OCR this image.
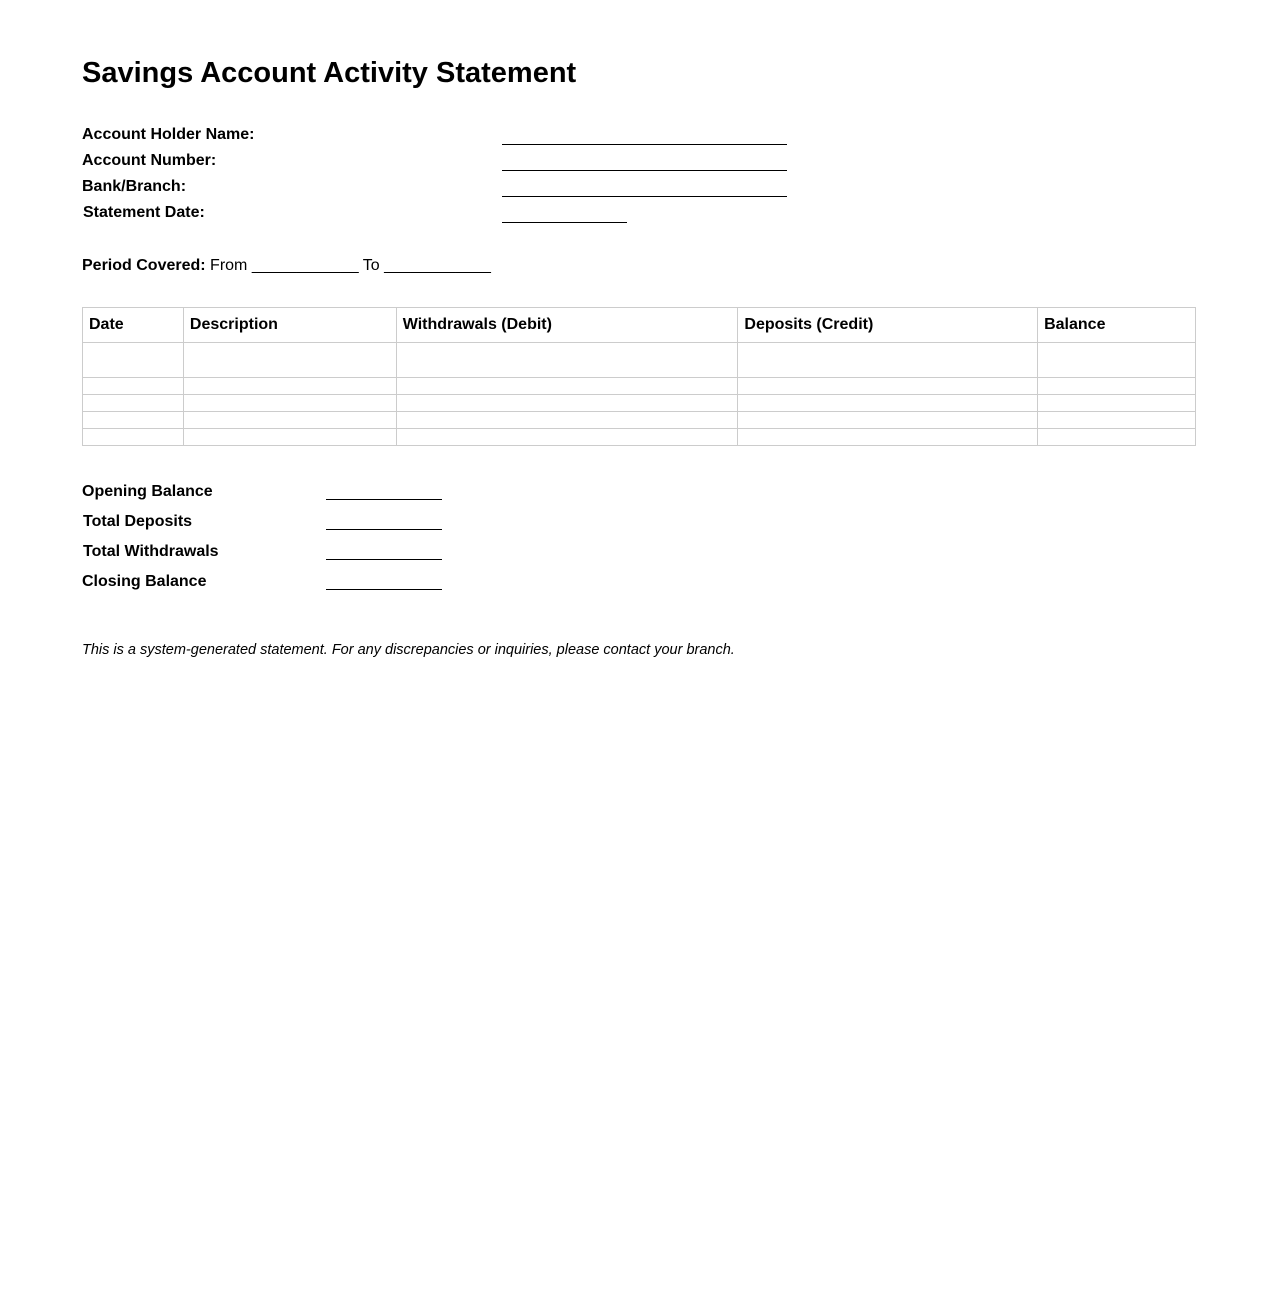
Savings Account Activity Statement
Account Holder Name:
Account Number:
Bank/Branch:
Statement Date:
Period Covered: From ____________ To ____________
Date	Description	Withdrawals (Debit)	Deposits (Credit)	Balance

Opening Balance
Total Deposits
Total Withdrawals
Closing Balance
This is a system-generated statement. For any discrepancies or inquiries, please contact your branch.
